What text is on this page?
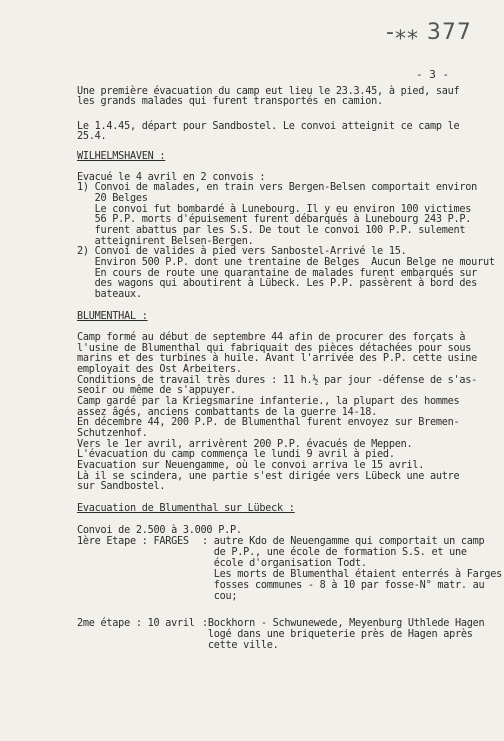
-⁎⁎ 377
- 3 -
Une première évacuation du camp eut lieu le 23.3.45, à pied, sauf
les grands malades qui furent transportés en camion.
Le 1.4.45, départ pour Sandbostel. Le convoi atteignit ce camp le
25.4.
WILHELMSHAVEN :
Evacué le 4 avril en 2 convois :
1) Convoi de malades, en train vers Bergen-Belsen comportait environ
20 Belges
Le convoi fut bombardé à Lunebourg. Il y eu environ 100 victimes
56 P.P. morts d'épuisement furent débarqués à Lunebourg 243 P.P.
furent abattus par les S.S. De tout le convoi 100 P.P. sulement
atteignirent Belsen-Bergen.
2) Convoi de valides à pied vers Sanbostel-Arrivé le 15.
Environ 500 P.P. dont une trentaine de Belges  Aucun Belge ne mourut
En cours de route une quarantaine de malades furent embarqués sur
des wagons qui aboutirent à Lübeck. Les P.P. passèrent à bord des
bateaux.
BLUMENTHAL :
Camp formé au début de septembre 44 afin de procurer des forçats à
l'usine de Blumenthal qui fabriquait des pièces détachées pour sous
marins et des turbines à huile. Avant l'arrivée des P.P. cette usine
employait des Ost Arbeiters.
Conditions de travail très dures : 11 h.½ par jour -défense de s'as-
seoir ou même de s'appuyer.
Camp gardé par la Kriegsmarine infanterie., la plupart des hommes
assez âgés, anciens combattants de la guerre 14-18.
En décembre 44, 200 P.P. de Blumenthal furent envoyez sur Bremen-
Schutzenhof.
Vers le 1er avril, arrivèrent 200 P.P. évacués de Meppen.
L'évacuation du camp commença le lundi 9 avril à pied.
Evacuation sur Neuengamme, où le convoi arriva le 15 avril.
Là il se scindera, une partie s'est dirigée vers Lübeck une autre
sur Sandbostel.
Evacuation de Blumenthal sur Lübeck :
Convoi de 2.500 à 3.000 P.P.
1ère Etape : FARGES : autre Kdo de Neuengamme qui comportait un camp
de P.P., une école de formation S.S. et une
école d'organisation Todt.
Les morts de Blumenthal étaient enterrés à Farges
fosses communes - 8 à 10 par fosse-N° matr. au
cou;
2me étape : 10 avril :Bockhorn - Schwunewede, Meyenburg Uthlede Hagen
logé dans une briqueterie près de Hagen après
cette ville.
